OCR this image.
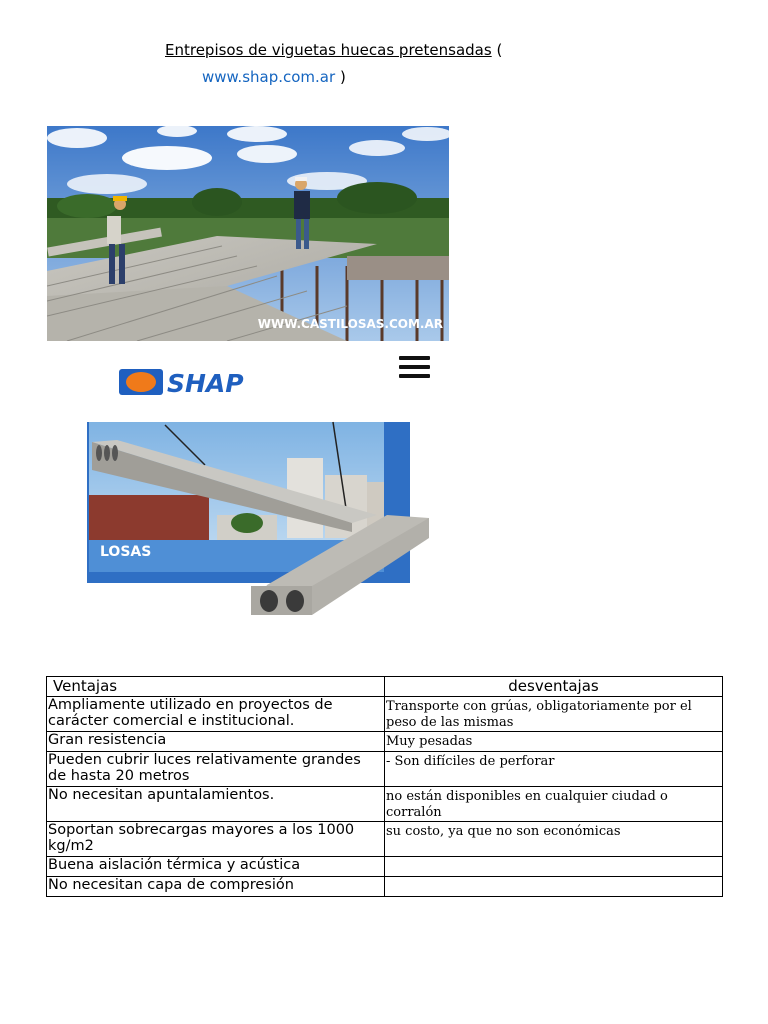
Entrepisos de viguetas huecas pretensadas (
www.shap.com.ar )
WWW.CASTILOSAS.COM.AR
SHAP
LOSAS
Ventajas	desventajas
Ampliamente utilizado en proyectos de carácter comercial e institucional.	Transporte con grúas, obligatoriamente por el peso de las mismas
Gran resistencia	Muy pesadas
Pueden cubrir luces relativamente grandes de hasta 20 metros	- Son difíciles de perforar
No necesitan apuntalamientos.	no están disponibles en cualquier ciudad o corralón
Soportan sobrecargas mayores a los 1000 kg/m2	su costo, ya que no son económicas
Buena aislación térmica y acústica	
No necesitan capa de compresión	
